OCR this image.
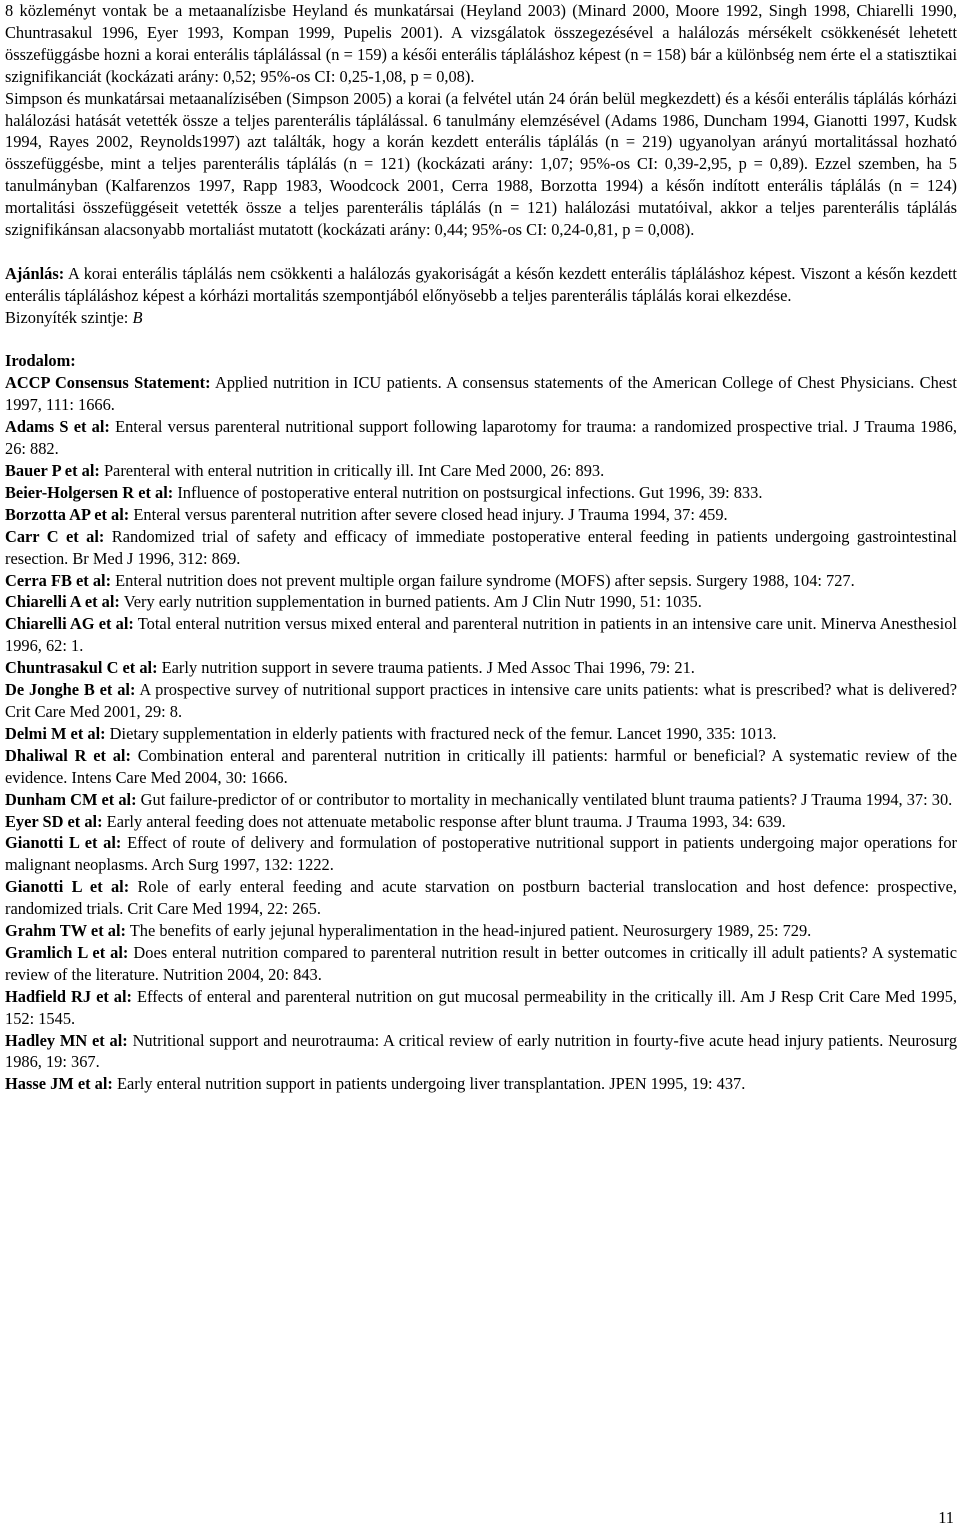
8 közleményt vontak be a metaanalízisbe Heyland és munkatársai (Heyland 2003) (Minard 2000, Moore 1992, Singh 1998, Chiarelli 1990, Chuntrasakul 1996, Eyer 1993, Kompan 1999, Pupelis 2001). A vizsgálatok összegezésével a halálozás mérsékelt csökkenését lehetett összefüggásbe hozni a korai enterális táplálással (n = 159) a késői enterális tápláláshoz képest (n = 158) bár a különbség nem érte el a statisztikai szignifikanciát (kockázati arány: 0,52; 95%-os CI: 0,25-1,08, p = 0,08).

Simpson és munkatársai metaanalízisében (Simpson 2005) a korai (a felvétel után 24 órán belül megkezdett) és a késői enterális táplálás kórházi halálozási hatását vetették össze a teljes parenterális táplálással. 6 tanulmány elemzésével (Adams 1986, Duncham 1994, Gianotti 1997, Kudsk 1994, Rayes 2002, Reynolds1997) azt találták, hogy a korán kezdett enterális táplálás (n = 219) ugyanolyan arányú mortalitással hozható összefüggésbe, mint a teljes parenterális táplálás (n = 121) (kockázati arány: 1,07; 95%-os CI: 0,39-2,95, p = 0,89). Ezzel szemben, ha 5 tanulmányban (Kalfarenzos 1997, Rapp 1983, Woodcock 2001, Cerra 1988, Borzotta 1994) a későn indított enterális táplálás (n = 124) mortalitási összefüggéseit vetették össze a teljes parenterális táplálás (n = 121) halálozási mutatóival, akkor a teljes parenterális táplálás szignifikánsan alacsonyabb mortaliást mutatott (kockázati arány: 0,44; 95%-os CI: 0,24-0,81, p = 0,008).

Ajánlás: A korai enterális táplálás nem csökkenti a halálozás gyakoriságát a későn kezdett enterális tápláláshoz képest. Viszont a későn kezdett enterális tápláláshoz képest a kórházi mortalitás szempontjából előnyösebb a teljes parenterális táplálás korai elkezdése.

Bizonyíték szintje: B

Irodalom:

ACCP Consensus Statement: Applied nutrition in ICU patients. A consensus statements of the American College of Chest Physicians. Chest 1997, 111: 1666.

Adams S et al: Enteral versus parenteral nutritional support following laparotomy for trauma: a randomized prospective trial. J Trauma 1986, 26: 882.

Bauer P et al: Parenteral with enteral nutrition in critically ill. Int Care Med 2000, 26: 893.

Beier-Holgersen R et al: Influence of postoperative enteral nutrition on postsurgical infections. Gut 1996, 39: 833.

Borzotta AP et al: Enteral versus parenteral nutrition after severe closed head injury. J Trauma 1994, 37: 459.

Carr C et al: Randomized trial of safety and efficacy of immediate postoperative enteral feeding in patients undergoing gastrointestinal resection. Br Med J 1996, 312: 869.

Cerra FB et al: Enteral nutrition does not prevent multiple organ failure syndrome (MOFS) after sepsis. Surgery 1988, 104: 727.

Chiarelli A et al: Very early nutrition supplementation in burned patients. Am J Clin Nutr 1990, 51: 1035.

Chiarelli AG et al: Total enteral nutrition versus mixed enteral and parenteral nutrition in patients in an intensive care unit. Minerva Anesthesiol 1996, 62: 1.

Chuntrasakul C et al: Early nutrition support in severe trauma patients. J Med Assoc Thai 1996, 79: 21.

De Jonghe B et al: A prospective survey of nutritional support practices in intensive care units patients: what is prescribed? what is delivered? Crit Care Med 2001, 29: 8.

Delmi M et al: Dietary supplementation in elderly patients with fractured neck of the femur. Lancet 1990, 335: 1013.

Dhaliwal R et al: Combination enteral and parenteral nutrition in critically ill patients: harmful or beneficial? A systematic review of the evidence. Intens Care Med 2004, 30: 1666.

Dunham CM et al: Gut failure-predictor of or contributor to mortality in mechanically ventilated blunt trauma patients? J Trauma 1994, 37: 30.

Eyer SD et al: Early anteral feeding does not attenuate metabolic response after blunt trauma. J Trauma 1993, 34: 639.

Gianotti L et al: Effect of route of delivery and formulation of postoperative nutritional support in patients undergoing major operations for malignant neoplasms. Arch Surg 1997, 132: 1222.

Gianotti L et al: Role of early enteral feeding and acute starvation on postburn bacterial translocation and host defence: prospective, randomized trials. Crit Care Med 1994, 22: 265.

Grahm TW et al: The benefits of early jejunal hyperalimentation in the head-injured patient. Neurosurgery 1989, 25: 729.

Gramlich L et al: Does enteral nutrition compared to parenteral nutrition result in better outcomes in critically ill adult patients? A systematic review of the literature. Nutrition 2004, 20: 843.

Hadfield RJ et al: Effects of enteral and parenteral nutrition on gut mucosal permeability in the critically ill. Am J Resp Crit Care Med 1995, 152: 1545.

Hadley MN et al: Nutritional support and neurotrauma: A critical review of early nutrition in fourty-five acute head injury patients. Neurosurg 1986, 19: 367.

Hasse JM et al: Early enteral nutrition support in patients undergoing liver transplantation. JPEN 1995, 19: 437.

11
